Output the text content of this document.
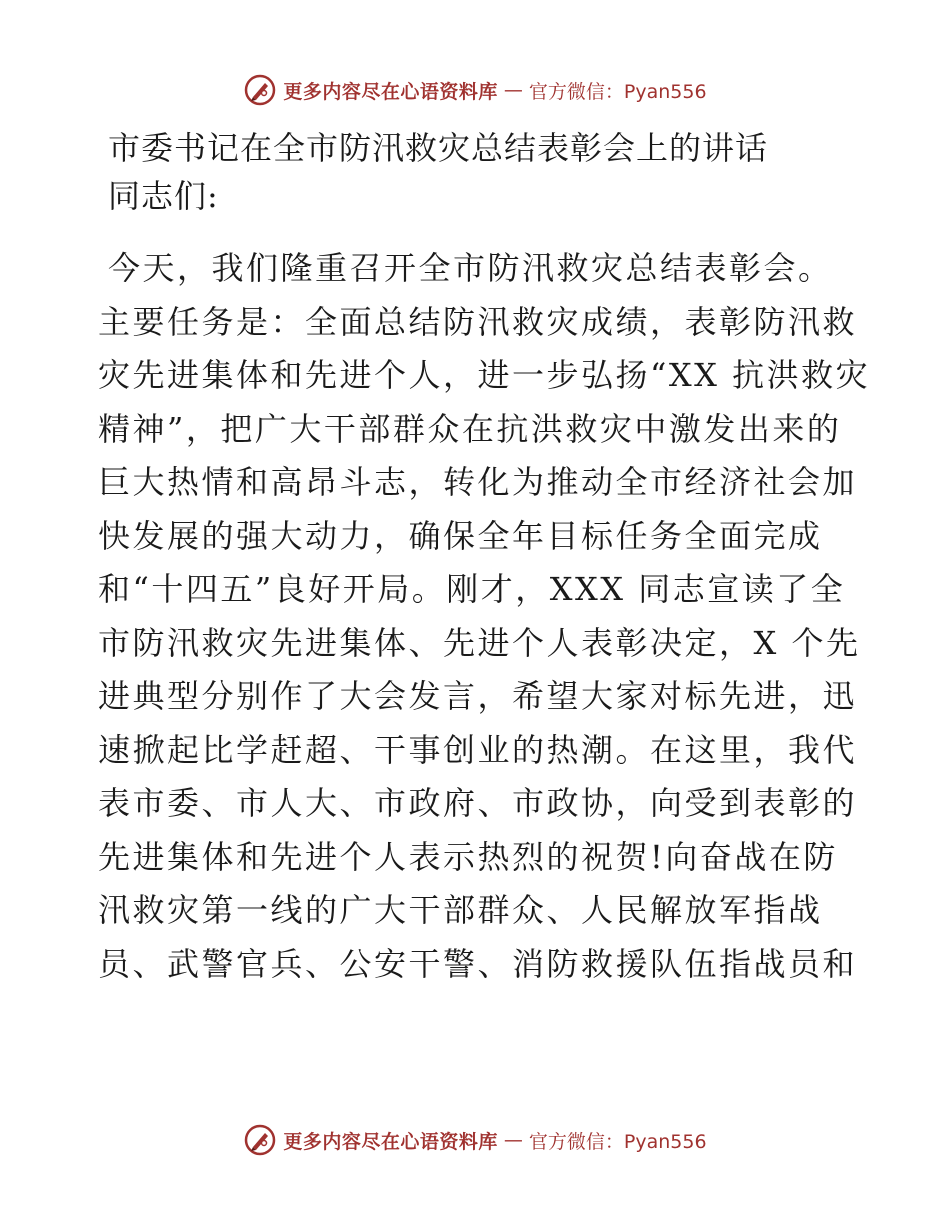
更多内容尽在心语资料库 — 官方微信：Pyan556
市委书记在全市防汛救灾总结表彰会上的讲话
同志们:
今天，我们隆重召开全市防汛救灾总结表彰会。
主要任务是：全面总结防汛救灾成绩，表彰防汛救
灾先进集体和先进个人，进一步弘扬“XX 抗洪救灾
精神”，把广大干部群众在抗洪救灾中激发出来的
巨大热情和高昂斗志，转化为推动全市经济社会加
快发展的强大动力，确保全年目标任务全面完成
和“十四五”良好开局。刚才，XXX 同志宣读了全
市防汛救灾先进集体、先进个人表彰决定，X 个先
进典型分别作了大会发言，希望大家对标先进，迅
速掀起比学赶超、干事创业的热潮。在这里，我代
表市委、市人大、市政府、市政协，向受到表彰的
先进集体和先进个人表示热烈的祝贺!向奋战在防
汛救灾第一线的广大干部群众、人民解放军指战
员、武警官兵、公安干警、消防救援队伍指战员和
更多内容尽在心语资料库 — 官方微信：Pyan556
